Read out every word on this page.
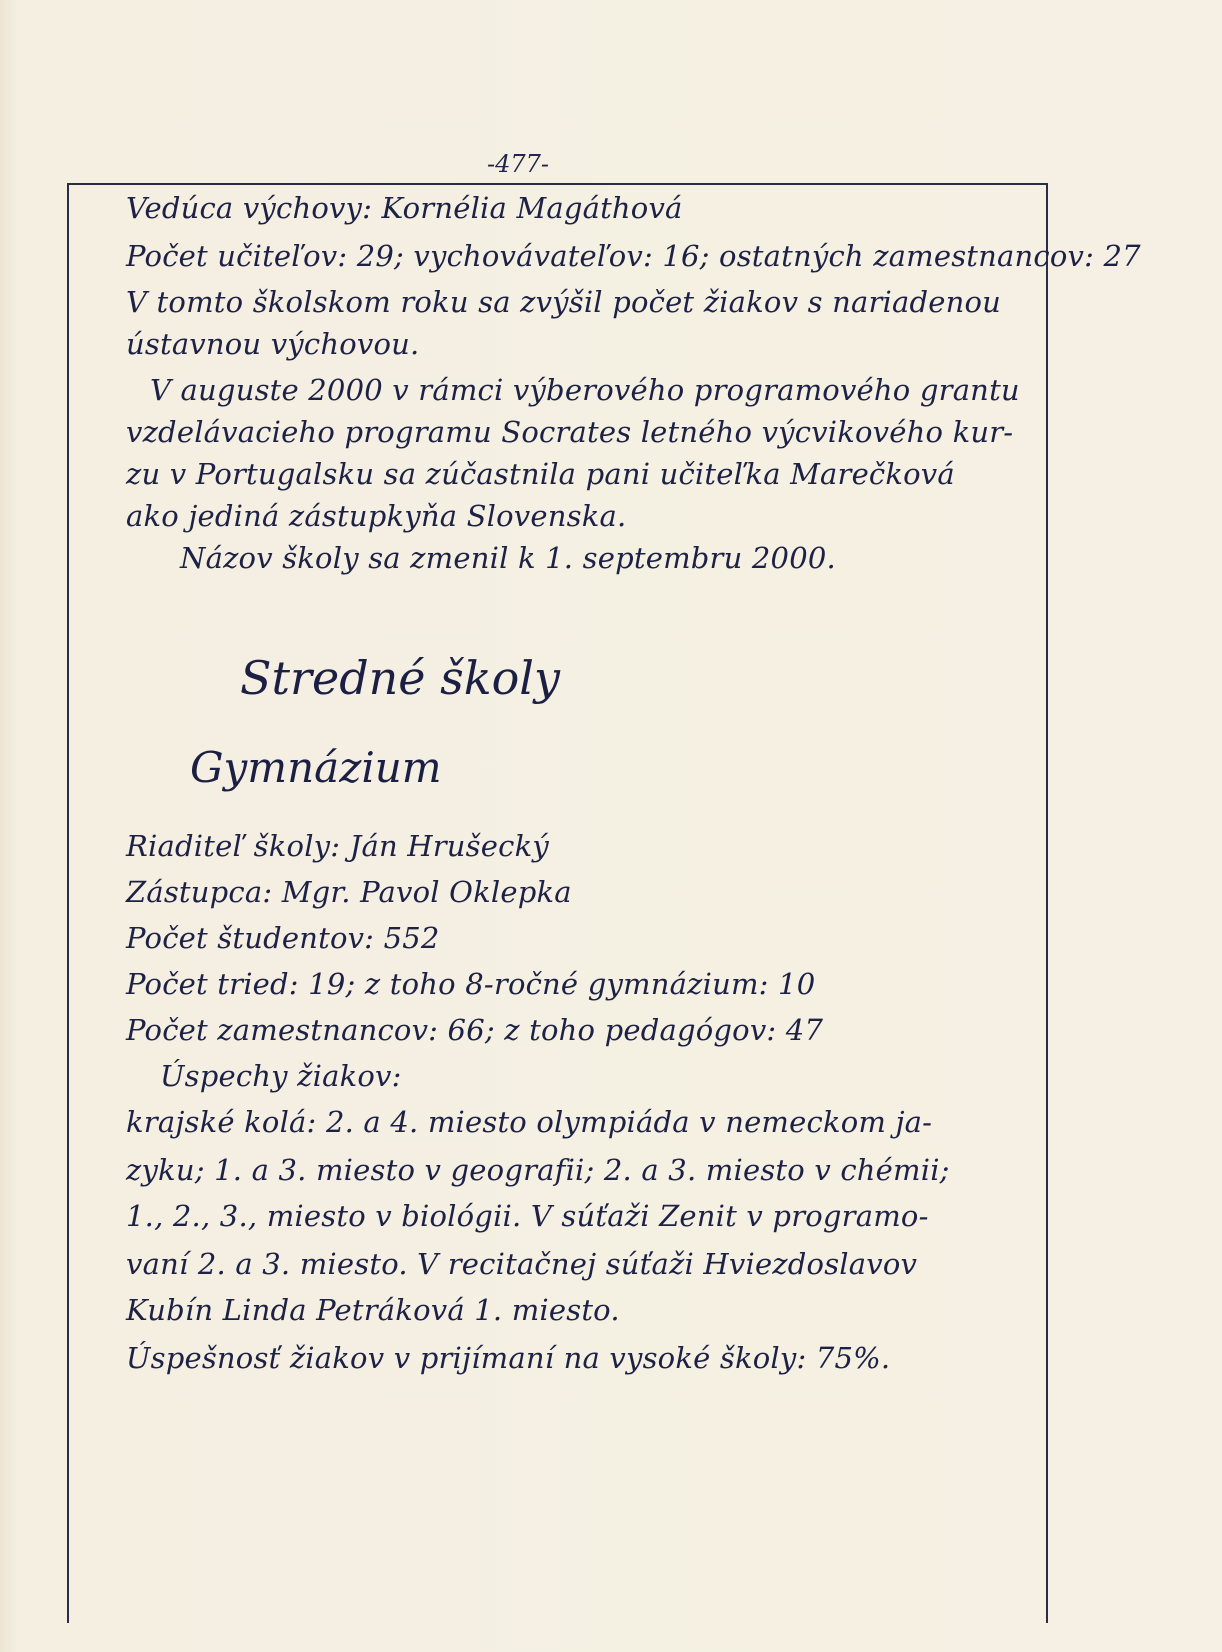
-477-
Vedúca výchovy: Kornélia Magáthová
Počet učiteľov: 29; vychovávateľov: 16; ostatných zamestnancov: 27
V tomto školskom roku sa zvýšil počet žiakov s nariadenou
ústavnou výchovou.
V auguste 2000 v rámci výberového programového grantu
vzdelávacieho programu Socrates letného výcvikového kur-
zu v Portugalsku sa zúčastnila pani učiteľka Marečková
ako jediná zástupkyňa Slovenska.
Názov školy sa zmenil k 1. septembru 2000.
Stredné školy
Gymnázium
Riaditeľ školy: Ján Hrušecký
Zástupca: Mgr. Pavol Oklepka
Počet študentov: 552
Počet tried: 19; z toho 8-ročné gymnázium: 10
Počet zamestnancov: 66; z toho pedagógov: 47
Úspechy žiakov:
krajské kolá: 2. a 4. miesto olympiáda v nemeckom ja-
zyku; 1. a 3. miesto v geografii; 2. a 3. miesto v chémii;
1., 2., 3., miesto v biológii. V súťaži Zenit v programo-
vaní 2. a 3. miesto. V recitačnej súťaži Hviezdoslavov
Kubín Linda Petráková 1. miesto.
Úspešnosť žiakov v prijímaní na vysoké školy: 75%.
